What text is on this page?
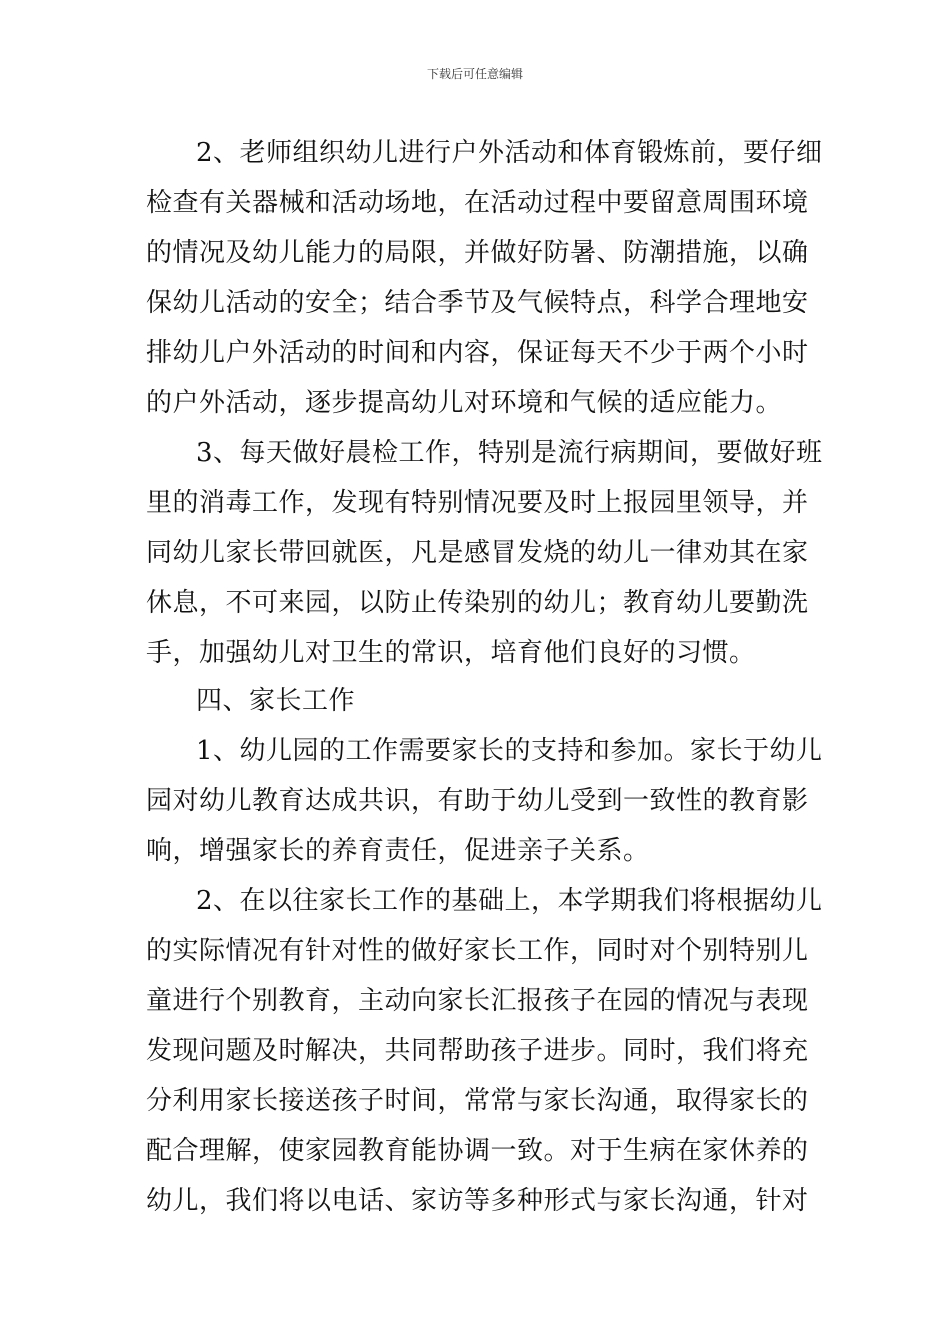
下载后可任意编辑
2、老师组织幼儿进行户外活动和体育锻炼前，要仔细
检查有关器械和活动场地，在活动过程中要留意周围环境
的情况及幼儿能力的局限，并做好防暑、防潮措施，以确
保幼儿活动的安全；结合季节及气候特点，科学合理地安
排幼儿户外活动的时间和内容，保证每天不少于两个小时
的户外活动，逐步提高幼儿对环境和气候的适应能力。
3、每天做好晨检工作，特别是流行病期间，要做好班
里的消毒工作，发现有特别情况要及时上报园里领导，并
同幼儿家长带回就医，凡是感冒发烧的幼儿一律劝其在家
休息，不可来园，以防止传染别的幼儿；教育幼儿要勤洗
手，加强幼儿对卫生的常识，培育他们良好的习惯。
四、家长工作
1、幼儿园的工作需要家长的支持和参加。家长于幼儿
园对幼儿教育达成共识，有助于幼儿受到一致性的教育影
响，增强家长的养育责任，促进亲子关系。
2、在以往家长工作的基础上，本学期我们将根据幼儿
的实际情况有针对性的做好家长工作，同时对个别特别儿
童进行个别教育，主动向家长汇报孩子在园的情况与表现
发现问题及时解决，共同帮助孩子进步。同时，我们将充
分利用家长接送孩子时间，常常与家长沟通，取得家长的
配合理解，使家园教育能协调一致。对于生病在家休养的
幼儿，我们将以电话、家访等多种形式与家长沟通，针对
